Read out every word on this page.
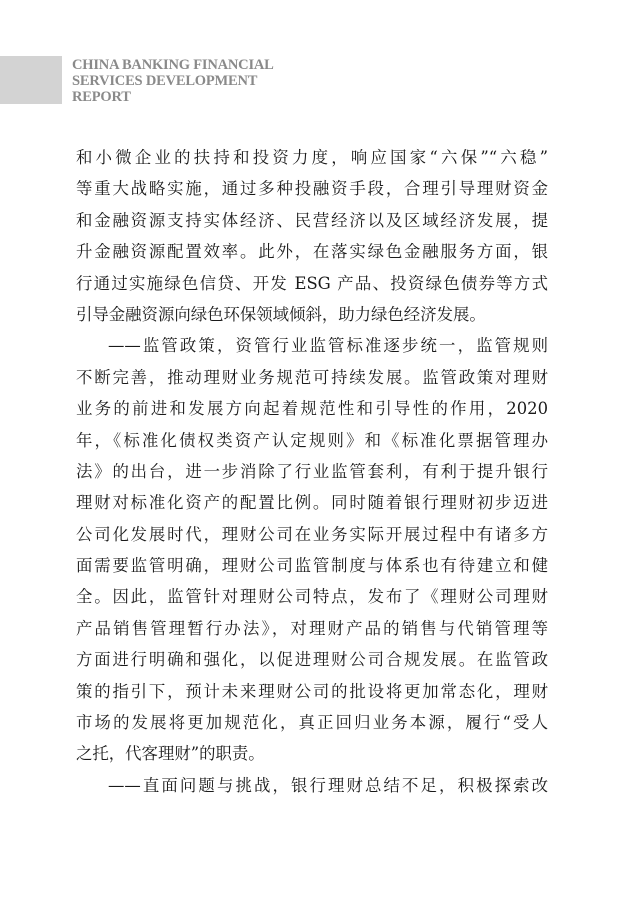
CHINA BANKING FINANCIAL
SERVICES DEVELOPMENT
REPORT
和小微企业的扶持和投资力度，响应国家“六保”“六稳”
等重大战略实施，通过多种投融资手段，合理引导理财资金
和金融资源支持实体经济、民营经济以及区域经济发展，提
升金融资源配置效率。此外，在落实绿色金融服务方面，银
行通过实施绿色信贷、开发 ESG 产品、投资绿色债券等方式
引导金融资源向绿色环保领域倾斜，助力绿色经济发展。
——监管政策，资管行业监管标准逐步统一，监管规则
不断完善，推动理财业务规范可持续发展。监管政策对理财
业务的前进和发展方向起着规范性和引导性的作用，2020
年，《标准化债权类资产认定规则》和《标准化票据管理办
法》的出台，进一步消除了行业监管套利，有利于提升银行
理财对标准化资产的配置比例。同时随着银行理财初步迈进
公司化发展时代，理财公司在业务实际开展过程中有诸多方
面需要监管明确，理财公司监管制度与体系也有待建立和健
全。因此，监管针对理财公司特点，发布了《理财公司理财
产品销售管理暂行办法》，对理财产品的销售与代销管理等
方面进行明确和强化，以促进理财公司合规发展。在监管政
策的指引下，预计未来理财公司的批设将更加常态化，理财
市场的发展将更加规范化，真正回归业务本源，履行“受人
之托，代客理财”的职责。
——直面问题与挑战，银行理财总结不足，积极探索改
